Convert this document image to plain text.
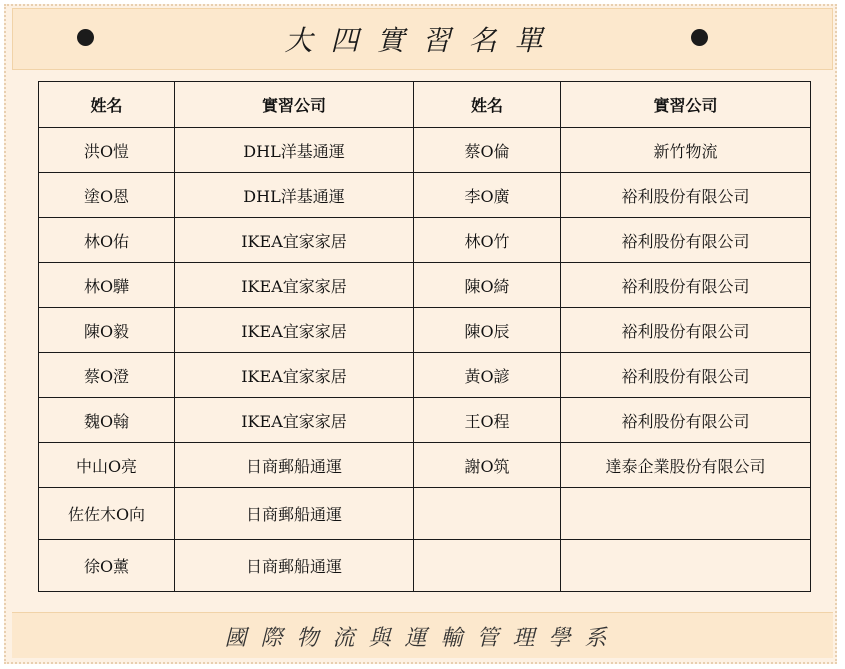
大四實習名單
姓名	實習公司	姓名	實習公司
洪O愷	DHL洋基通運	蔡O倫	新竹物流
塗O恩	DHL洋基通運	李O廣	裕利股份有限公司
林O佑	IKEA宜家家居	林O竹	裕利股份有限公司
林O驊	IKEA宜家家居	陳O綺	裕利股份有限公司
陳O毅	IKEA宜家家居	陳O辰	裕利股份有限公司
蔡O澄	IKEA宜家家居	黃O諺	裕利股份有限公司
魏O翰	IKEA宜家家居	王O程	裕利股份有限公司
中山O亮	日商郵船通運	謝O筑	達泰企業股份有限公司
佐佐木O向	日商郵船通運		
徐O薰	日商郵船通運		
國際物流與運輸管理學系
